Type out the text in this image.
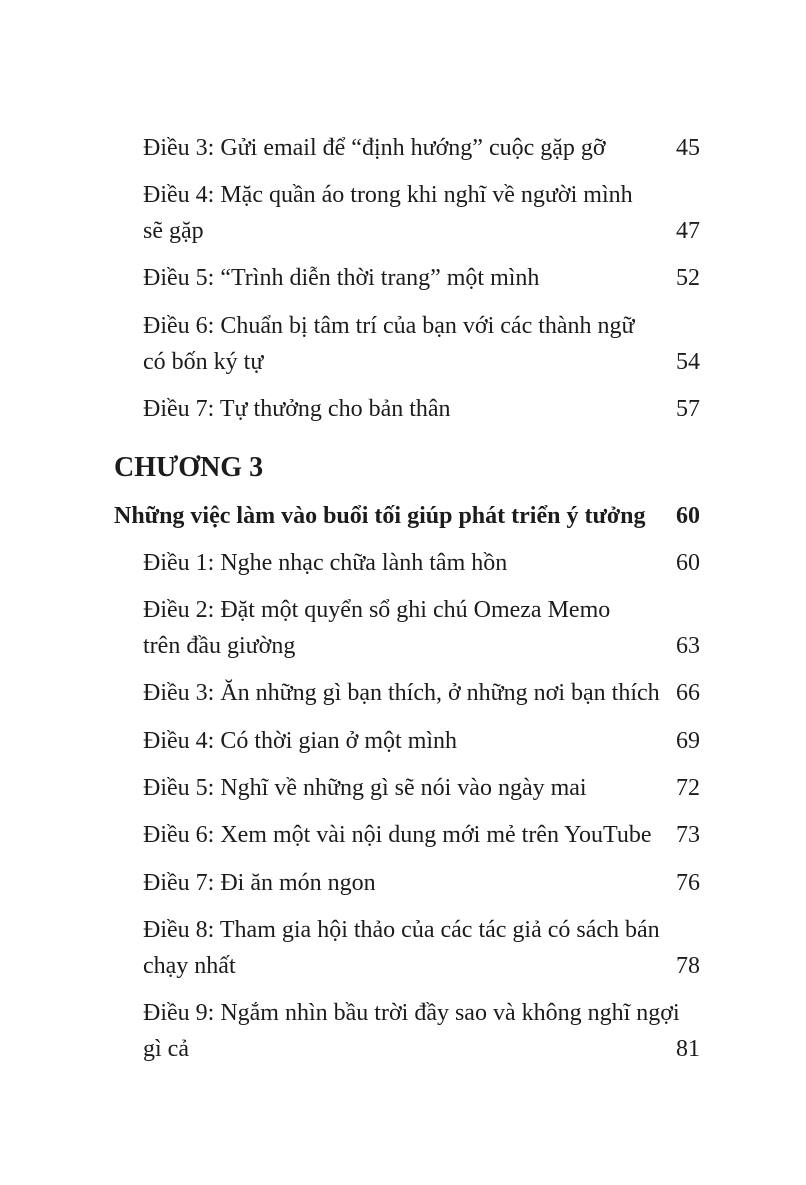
Điều 3: Gửi email để “định hướng” cuộc gặp gỡ	45
Điều 4: Mặc quần áo trong khi nghĩ về người mình
sẽ gặp	47
Điều 5: “Trình diễn thời trang” một mình	52
Điều 6: Chuẩn bị tâm trí của bạn với các thành ngữ
có bốn ký tự	54
Điều 7: Tự thưởng cho bản thân	57
CHƯƠNG 3
Những việc làm vào buổi tối giúp phát triển ý tưởng 60
Điều 1: Nghe nhạc chữa lành tâm hồn	60
Điều 2: Đặt một quyển sổ ghi chú Omeza Memo
trên đầu giường	63
Điều 3: Ăn những gì bạn thích, ở những nơi bạn thích 66
Điều 4: Có thời gian ở một mình	69
Điều 5: Nghĩ về những gì sẽ nói vào ngày mai	72
Điều 6: Xem một vài nội dung mới mẻ trên YouTube 73
Điều 7: Đi ăn món ngon	76
Điều 8: Tham gia hội thảo của các tác giả có sách bán
chạy nhất	78
Điều 9: Ngắm nhìn bầu trời đầy sao và không nghĩ ngợi
gì cả	81
